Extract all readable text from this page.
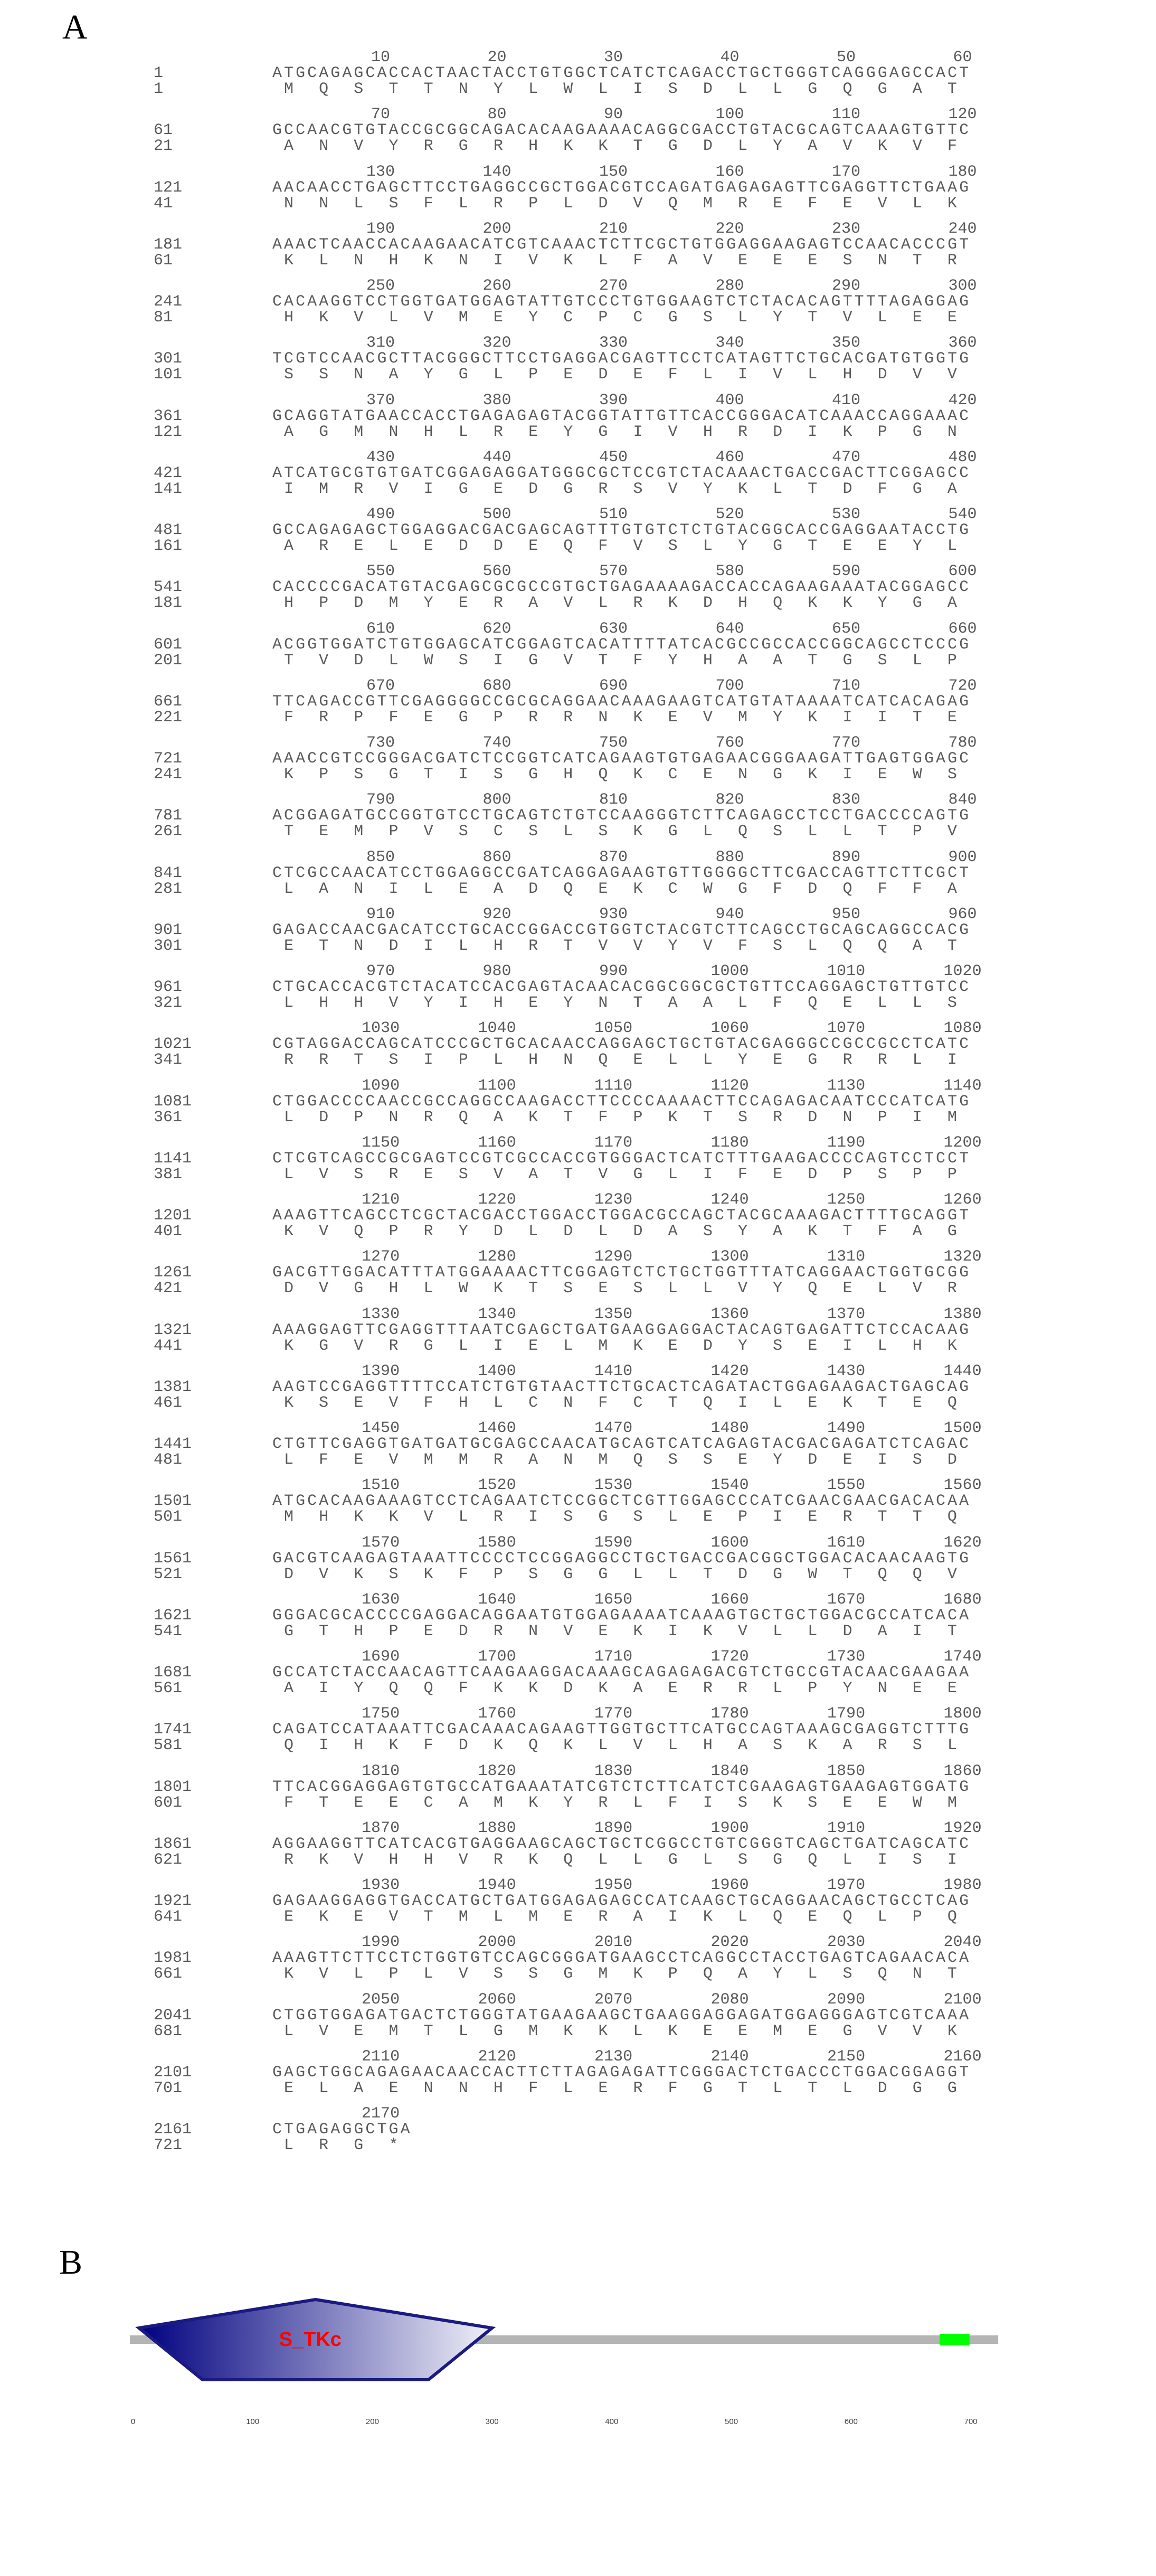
A
10	20	30	40	50	60
1	ATGCAGAGCACCACTAACTACCTGTGGCTCATCTCAGACCTGCTGGGTCAGGGAGCCACT
1	MQSTTNYLWLISDLLGQGAT
70	80	90	100	110	120
61	GCCAACGTGTACCGCGGCAGACACAAGAAAACAGGCGACCTGTACGCAGTCAAAGTGTTC
21	ANVYRGRHKKTGDLYAVKVF
130	140	150	160	170	180
121	AACAACCTGAGCTTCCTGAGGCCGCTGGACGTCCAGATGAGAGAGTTCGAGGTTCTGAAG
41	NNLSFLRPLDVQMREFEVLK
190	200	210	220	230	240
181	AAACTCAACCACAAGAACATCGTCAAACTCTTCGCTGTGGAGGAAGAGTCCAACACCCGT
61	KLNHKNIVKLFAVEEESNTR
250	260	270	280	290	300
241	CACAAGGTCCTGGTGATGGAGTATTGTCCCTGTGGAAGTCTCTACACAGTTTTAGAGGAG
81	HKVLVMEYCPCGSLYTVLEE
310	320	330	340	350	360
301	TCGTCCAACGCTTACGGGCTTCCTGAGGACGAGTTCCTCATAGTTCTGCACGATGTGGTG
101	SSNAYGLPEDEFLIVLHDVV
370	380	390	400	410	420
361	GCAGGTATGAACCACCTGAGAGAGTACGGTATTGTTCACCGGGACATCAAACCAGGAAAC
121	AGMNHLREYGIVHRDIKPGN
430	440	450	460	470	480
421	ATCATGCGTGTGATCGGAGAGGATGGGCGCTCCGTCTACAAACTGACCGACTTCGGAGCC
141	IMRVIGEDGRSVYKLTDFGA
490	500	510	520	530	540
481	GCCAGAGAGCTGGAGGACGACGAGCAGTTTGTGTCTCTGTACGGCACCGAGGAATACCTG
161	ARELEDDEQFVSLYGTEEYL
550	560	570	580	590	600
541	CACCCCGACATGTACGAGCGCGCCGTGCTGAGAAAAGACCACCAGAAGAAATACGGAGCC
181	HPDMYERAVLRKDHQKKYGA
610	620	630	640	650	660
601	ACGGTGGATCTGTGGAGCATCGGAGTCACATTTTATCACGCCGCCACCGGCAGCCTCCCG
201	TVDLWSIGVTFYHAATGSLP
670	680	690	700	710	720
661	TTCAGACCGTTCGAGGGGCCGCGCAGGAACAAAGAAGTCATGTATAAAATCATCACAGAG
221	FRPFEGPRRNKEVMYKIITE
730	740	750	760	770	780
721	AAACCGTCCGGGACGATCTCCGGTCATCAGAAGTGTGAGAACGGGAAGATTGAGTGGAGC
241	KPSGTISGHQKCENGKIEWS
790	800	810	820	830	840
781	ACGGAGATGCCGGTGTCCTGCAGTCTGTCCAAGGGTCTTCAGAGCCTCCTGACCCCAGTG
261	TEMPVSCSLSKGLQSLLTPV
850	860	870	880	890	900
841	CTCGCCAACATCCTGGAGGCCGATCAGGAGAAGTGTTGGGGCTTCGACCAGTTCTTCGCT
281	LANILEADQEKCWGFDQFFA
910	920	930	940	950	960
901	GAGACCAACGACATCCTGCACCGGACCGTGGTCTACGTCTTCAGCCTGCAGCAGGCCACG
301	ETNDILHRTVVYVFSLQQAT
970	980	990	1000	1010	1020
961	CTGCACCACGTCTACATCCACGAGTACAACACGGCGGCGCTGTTCCAGGAGCTGTTGTCC
321	LHHVYIHEYNTAALFQELLS
1030	1040	1050	1060	1070	1080
1021	CGTAGGACCAGCATCCCGCTGCACAACCAGGAGCTGCTGTACGAGGGCCGCCGCCTCATC
341	RRTSIPLHNQELLYEGRRLI
1090	1100	1110	1120	1130	1140
1081	CTGGACCCCAACCGCCAGGCCAAGACCTTCCCCAAAACTTCCAGAGACAATCCCATCATG
361	LDPNRQAKTFPKTSRDNPIM
1150	1160	1170	1180	1190	1200
1141	CTCGTCAGCCGCGAGTCCGTCGCCACCGTGGGACTCATCTTTGAAGACCCCAGTCCTCCT
381	LVSRESVATVGLIFEDPSPP
1210	1220	1230	1240	1250	1260
1201	AAAGTTCAGCCTCGCTACGACCTGGACCTGGACGCCAGCTACGCAAAGACTTTTGCAGGT
401	KVQPRYDLDLDASYAKTFAG
1270	1280	1290	1300	1310	1320
1261	GACGTTGGACATTTATGGAAAACTTCGGAGTCTCTGCTGGTTTATCAGGAACTGGTGCGG
421	DVGHLWKTSESLLVYQELVR
1330	1340	1350	1360	1370	1380
1321	AAAGGAGTTCGAGGTTTAATCGAGCTGATGAAGGAGGACTACAGTGAGATTCTCCACAAG
441	KGVRGLIELMKEDYSEILHK
1390	1400	1410	1420	1430	1440
1381	AAGTCCGAGGTTTTCCATCTGTGTAACTTCTGCACTCAGATACTGGAGAAGACTGAGCAG
461	KSEVFHLCNFCTQILEKTEQ
1450	1460	1470	1480	1490	1500
1441	CTGTTCGAGGTGATGATGCGAGCCAACATGCAGTCATCAGAGTACGACGAGATCTCAGAC
481	LFEVMMRANMQSSEYDEISD
1510	1520	1530	1540	1550	1560
1501	ATGCACAAGAAAGTCCTCAGAATCTCCGGCTCGTTGGAGCCCATCGAACGAACGACACAA
501	MHKKVLRISGSLEPIERTTQ
1570	1580	1590	1600	1610	1620
1561	GACGTCAAGAGTAAATTCCCCTCCGGAGGCCTGCTGACCGACGGCTGGACACAACAAGTG
521	DVKSKFPSGGLLTDGWTQQV
1630	1640	1650	1660	1670	1680
1621	GGGACGCACCCCGAGGACAGGAATGTGGAGAAAATCAAAGTGCTGCTGGACGCCATCACA
541	GTHPEDRNVEKIKVLLDAIT
1690	1700	1710	1720	1730	1740
1681	GCCATCTACCAACAGTTCAAGAAGGACAAAGCAGAGAGACGTCTGCCGTACAACGAAGAA
561	AIYQQFKKDKAERRLPYNEE
1750	1760	1770	1780	1790	1800
1741	CAGATCCATAAATTCGACAAACAGAAGTTGGTGCTTCATGCCAGTAAAGCGAGGTCTTTG
581	QIHKFDKQKLVLHASKARSL
1810	1820	1830	1840	1850	1860
1801	TTCACGGAGGAGTGTGCCATGAAATATCGTCTCTTCATCTCGAAGAGTGAAGAGTGGATG
601	FTEECAMKYRLFISKSEEWM
1870	1880	1890	1900	1910	1920
1861	AGGAAGGTTCATCACGTGAGGAAGCAGCTGCTCGGCCTGTCGGGTCAGCTGATCAGCATC
621	RKVHHVRKQLLGLSGQLISI
1930	1940	1950	1960	1970	1980
1921	GAGAAGGAGGTGACCATGCTGATGGAGAGAGCCATCAAGCTGCAGGAACAGCTGCCTCAG
641	EKEVTMLMERAIKLQEQLPQ
1990	2000	2010	2020	2030	2040
1981	AAAGTTCTTCCTCTGGTGTCCAGCGGGATGAAGCCTCAGGCCTACCTGAGTCAGAACACA
661	KVLPLVSSGMKPQAYLSQNT
2050	2060	2070	2080	2090	2100
2041	CTGGTGGAGATGACTCTGGGTATGAAGAAGCTGAAGGAGGAGATGGAGGGAGTCGTCAAA
681	LVEMTLGMKKLKEEMEGVVK
2110	2120	2130	2140	2150	2160
2101	GAGCTGGCAGAGAACAACCACTTCTTAGAGAGATTCGGGACTCTGACCCTGGACGGAGGT
701	ELAENNHFLERFGTLTLDGG
2170
2161	CTGAGAGGCTGA
721	LRG*
B
S_TKc
0	100	200	300	400	500	600	700
